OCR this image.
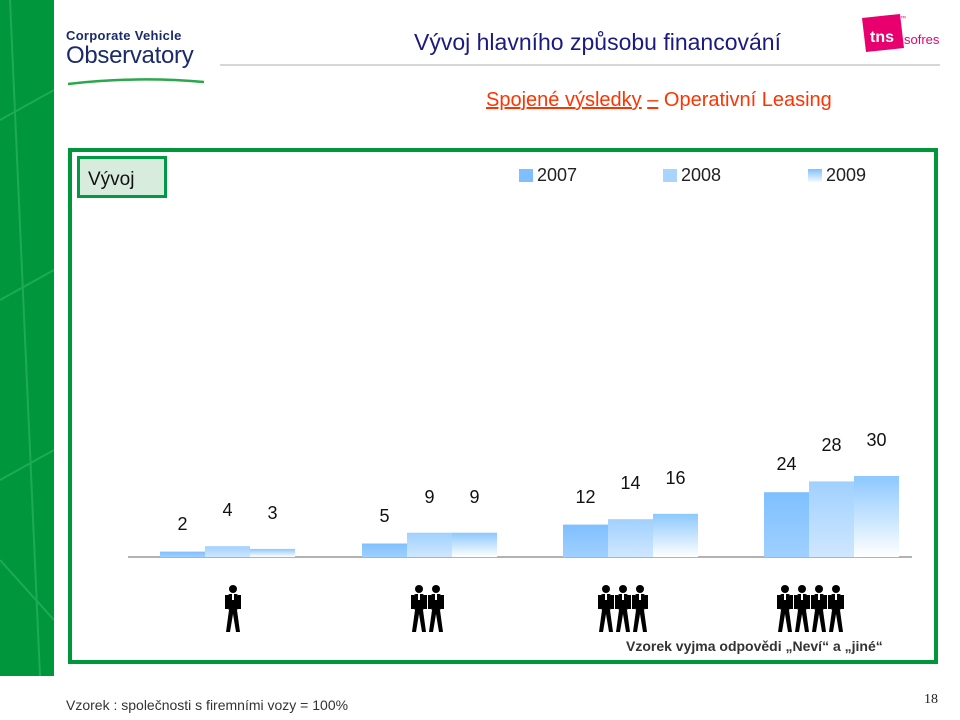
Corporate Vehicle
Observatory	Vývoj hlavního způsobu financování	tns sofres
™
Spojené výsledky – Operativní Leasing
Vývoj	2007	2008	2009
Vzorek vyjma odpovědi „Neví“ a „jiné“
Vzorek : společnosti s firemními vozy = 100%	18
2
4	3	5
9	9	12
14	16
24
28	30
